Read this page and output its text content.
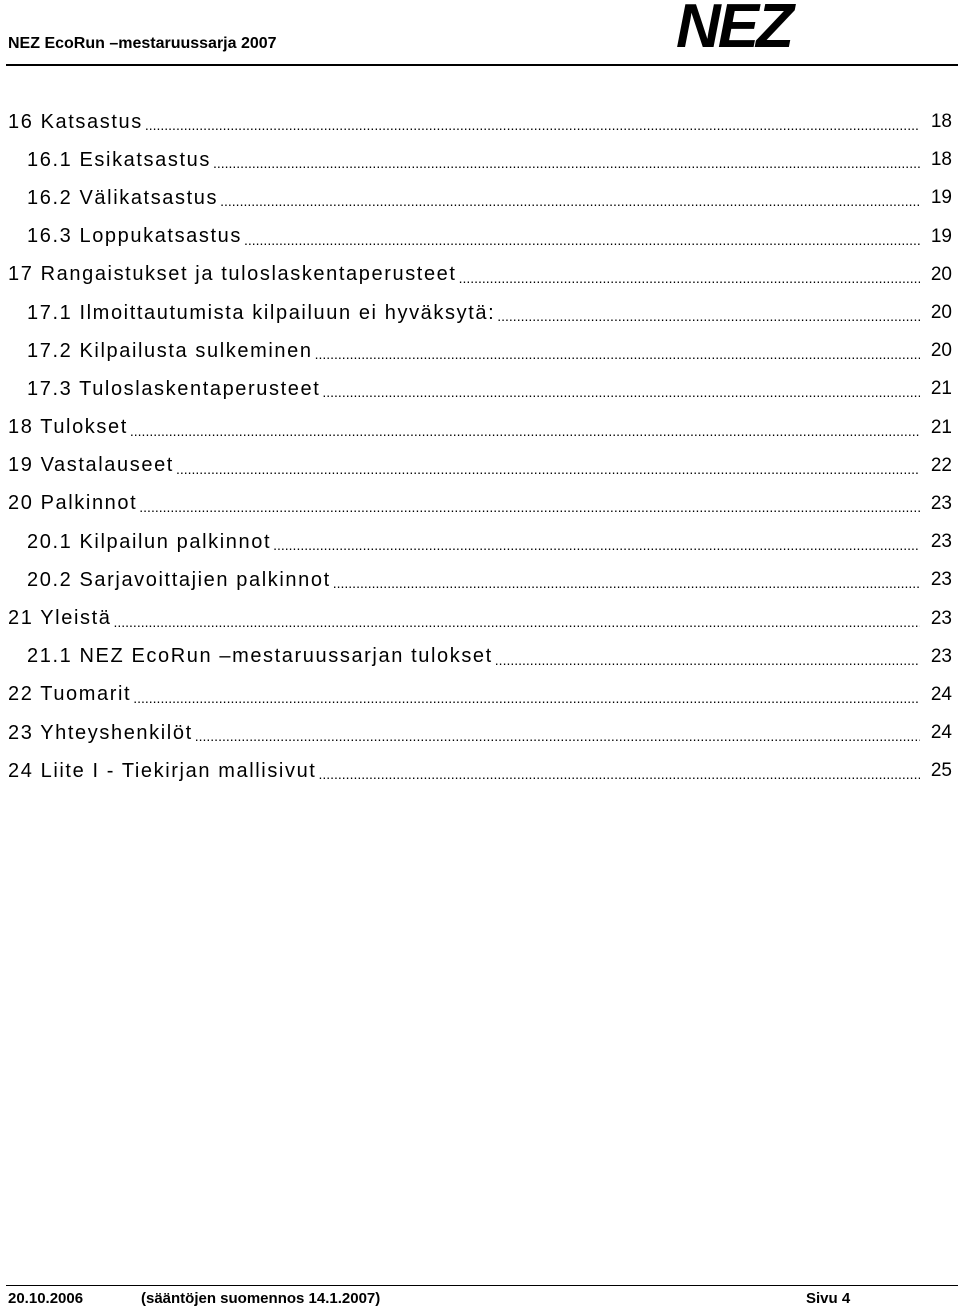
NEZ EcoRun –mestaruussarja 2007	NEZ
16 Katsastus .....	18
16.1 Esikatsastus .....	18
16.2 Välikatsastus .....	19
16.3 Loppukatsastus .....	19
17 Rangaistukset ja tuloslaskentaperusteet .....	20
17.1 Ilmoittautumista kilpailuun ei hyväksytä: .....	20
17.2 Kilpailusta sulkeminen .....	20
17.3 Tuloslaskentaperusteet .....	21
18 Tulokset .....	21
19 Vastalauseet .....	22
20 Palkinnot .....	23
20.1 Kilpailun palkinnot .....	23
20.2 Sarjavoittajien palkinnot .....	23
21 Yleistä .....	23
21.1 NEZ EcoRun –mestaruussarjan tulokset .....	23
22 Tuomarit .....	24
23 Yhteyshenkilöt .....	24
24 Liite I - Tiekirjan mallisivut .....	25
20.10.2006	(sääntöjen suomennos 14.1.2007)	Sivu 4
